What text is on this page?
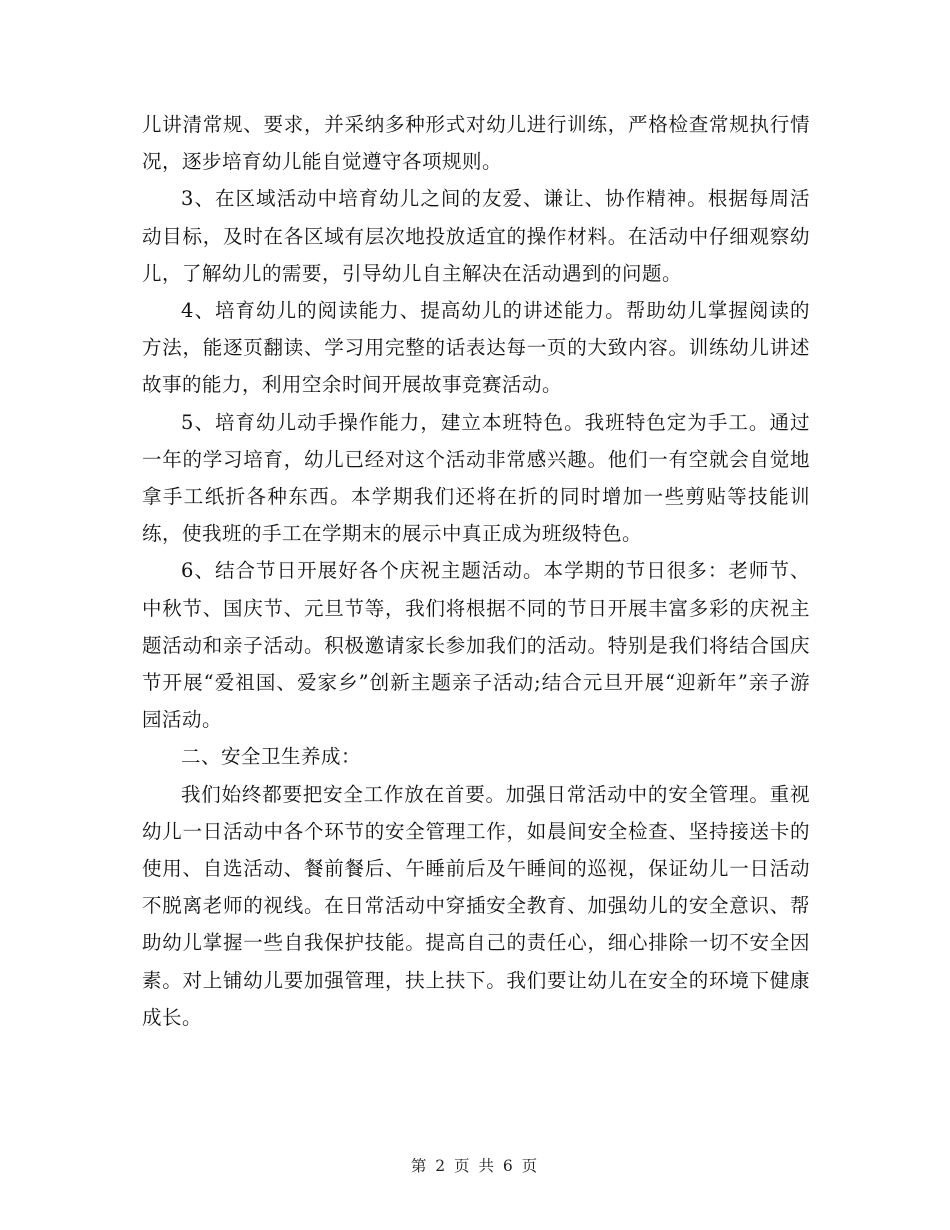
儿讲清常规、要求，并采纳多种形式对幼儿进行训练，严格检查常规执行情况，逐步培育幼儿能自觉遵守各项规则。

3、在区域活动中培育幼儿之间的友爱、谦让、协作精神。根据每周活动目标，及时在各区域有层次地投放适宜的操作材料。在活动中仔细观察幼儿，了解幼儿的需要，引导幼儿自主解决在活动遇到的问题。

4、培育幼儿的阅读能力、提高幼儿的讲述能力。帮助幼儿掌握阅读的方法，能逐页翻读、学习用完整的话表达每一页的大致内容。训练幼儿讲述故事的能力，利用空余时间开展故事竞赛活动。

5、培育幼儿动手操作能力，建立本班特色。我班特色定为手工。通过一年的学习培育，幼儿已经对这个活动非常感兴趣。他们一有空就会自觉地拿手工纸折各种东西。本学期我们还将在折的同时增加一些剪贴等技能训练，使我班的手工在学期末的展示中真正成为班级特色。

6、结合节日开展好各个庆祝主题活动。本学期的节日很多：老师节、中秋节、国庆节、元旦节等，我们将根据不同的节日开展丰富多彩的庆祝主题活动和亲子活动。积极邀请家长参加我们的活动。特别是我们将结合国庆节开展“爱祖国、爱家乡”创新主题亲子活动;结合元旦开展“迎新年”亲子游园活动。

二、安全卫生养成：

我们始终都要把安全工作放在首要。加强日常活动中的安全管理。重视幼儿一日活动中各个环节的安全管理工作，如晨间安全检查、坚持接送卡的使用、自选活动、餐前餐后、午睡前后及午睡间的巡视，保证幼儿一日活动不脱离老师的视线。在日常活动中穿插安全教育、加强幼儿的安全意识、帮助幼儿掌握一些自我保护技能。提高自己的责任心，细心排除一切不安全因素。对上铺幼儿要加强管理，扶上扶下。我们要让幼儿在安全的环境下健康成长。

第 2 页 共 6 页
